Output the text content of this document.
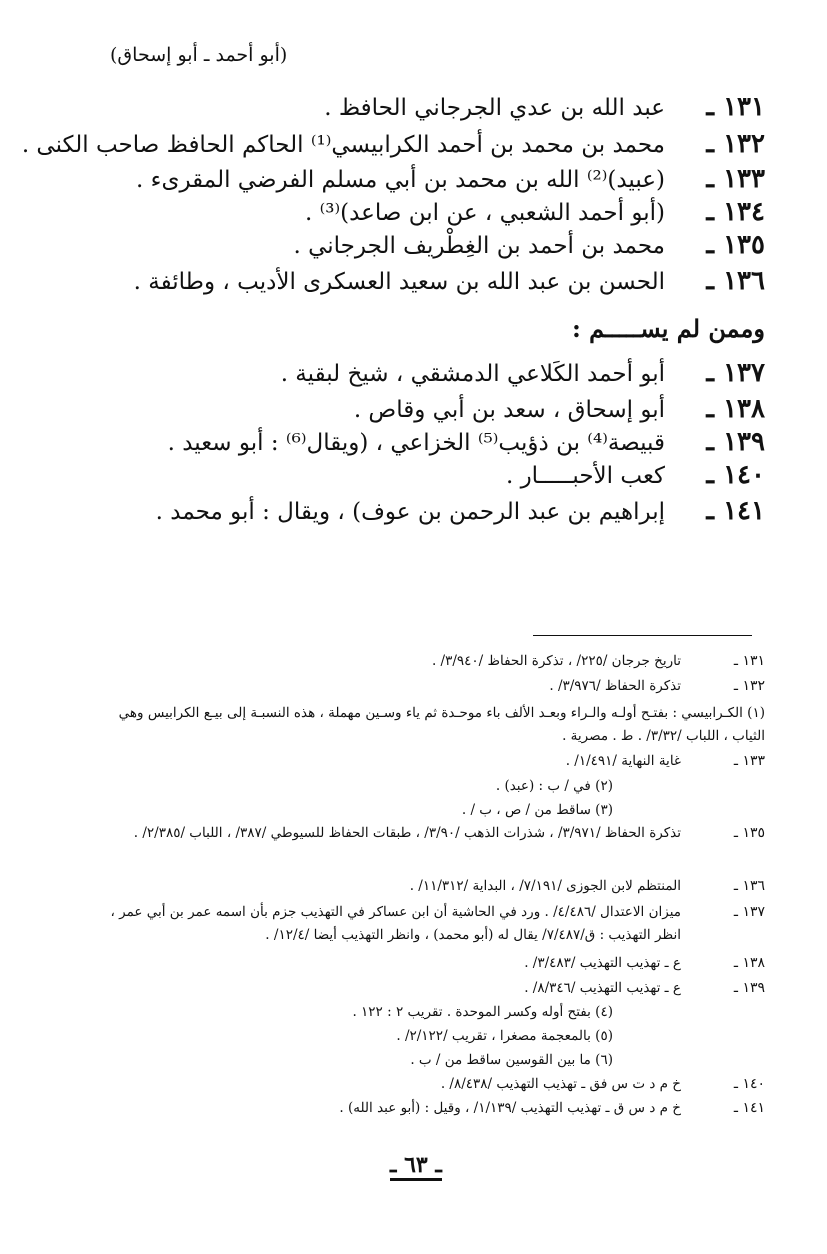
(أبو أحمد ـ أبو إسحاق)
١٣١ ـ
عبد الله بن عدي الجرجاني الحافظ .
١٣٢ ـ
محمد بن محمد بن أحمد الكرابيسي⁽¹⁾ الحاكم الحافظ صاحب الكنى .
١٣٣ ـ
(عبيد)⁽²⁾ الله بن محمد بن أبي مسلم الفرضي المقرىء .
١٣٤ ـ
(أبو أحمد الشعبي ، عن ابن صاعد)⁽³⁾ .
١٣٥ ـ
محمد بن أحمد بن الغِطْريف الجرجاني .
١٣٦ ـ
الحسن بن عبد الله بن سعيد العسكرى الأديب ، وطائفة .
وممن لم يســـــم :
١٣٧ ـ
أبو أحمد الكَلاعي الدمشقي ، شيخ لبقية .
١٣٨ ـ
أبو إسحاق ، سعد بن أبي وقاص .
١٣٩ ـ
قبيصة⁽⁴⁾ بن ذؤيب⁽⁵⁾ الخزاعي ، (ويقال⁽⁶⁾ : أبو سعيد .
١٤٠ ـ
كعب الأحبـــــار .
١٤١ ـ
إبراهيم بن عبد الرحمن بن عوف) ، ويقال : أبو محمد .
١٣١ ـ
تاريخ جرجان /٢٢٥/ ، تذكرة الحفاظ /٣/٩٤٠/ .
١٣٢ ـ
تذكرة الحفاظ /٣/٩٧٦/ .
(١) الكـرابيسي : بفتـح أولـه والـراء وبعـد الألف باء موحـدة ثم ياء وسـين مهملة ، هذه النسبـة إلى بيـع الكرابيس وهي الثياب ، اللباب /٣/٣٢/ . ط . مصرية .
١٣٣ ـ
غاية النهاية /١/٤٩١/ .
(٢) في / ب : (عبد) .
(٣) ساقط من / ص ، ب / .
١٣٥ ـ
تذكرة الحفاظ /٣/٩٧١/ ، شذرات الذهب /٣/٩٠/ ، طبقات الحفاظ للسيوطي /٣٨٧/ ، اللباب /٢/٣٨٥/ .
١٣٦ ـ
المنتظم لابن الجوزى /٧/١٩١/ ، البداية /١١/٣١٢/ .
١٣٧ ـ
ميزان الاعتدال /٤/٤٨٦/ . ورد في الحاشية أن ابن عساكر في التهذيب جزم بأن اسمه عمر بن أبي عمر ، انظر التهذيب : ق/٧/٤٨٧/ يقال له (أبو محمد) ، وانظر التهذيب أيضا /١٢/٤/ .
١٣٨ ـ
ع ـ تهذيب التهذيب /٣/٤٨٣/ .
١٣٩ ـ
ع ـ تهذيب التهذيب /٨/٣٤٦/ .
(٤) بفتح أوله وكسر الموحدة . تقريب ٢ : ١٢٢ .
(٥) بالمعجمة مصغرا ، تقريب /٢/١٢٢/ .
(٦) ما بين القوسين ساقط من / ب .
١٤٠ ـ
خ م د ت س فق ـ تهذيب التهذيب /٨/٤٣٨/ .
١٤١ ـ
خ م د س ق ـ تهذيب التهذيب /١/١٣٩/ ، وقيل : (أبو عبد الله) .
ـ ٦٣ ـ
